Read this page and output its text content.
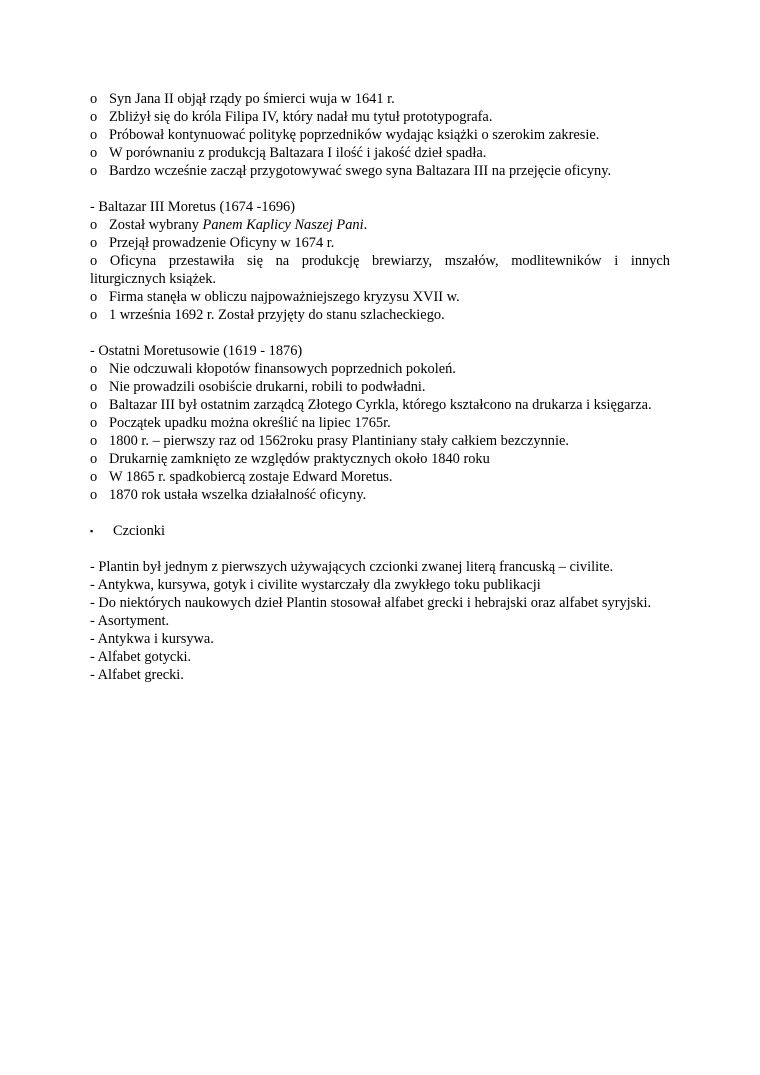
o Syn Jana II objął rządy po śmierci wuja w 1641 r.
o Zbliżył się do króla Filipa IV, który nadał mu tytuł prototypografa.
o Próbował kontynuować politykę poprzedników wydając książki o szerokim zakresie.
o W porównaniu z produkcją Baltazara I ilość i jakość dzieł spadła.
o Bardzo wcześnie zaczął przygotowywać swego syna Baltazara III na przejęcie oficyny.
- Baltazar III Moretus (1674 -1696)
o Został wybrany Panem Kaplicy Naszej Pani.
o Przejął prowadzenie Oficyny w 1674 r.
o Oficyna przestawiła się na produkcję brewiarzy, mszałów, modlitewników i innych
liturgicznych książek.
o Firma stanęła w obliczu najpoważniejszego kryzysu XVII w.
o 1 września 1692 r. Został przyjęty do stanu szlacheckiego.
- Ostatni Moretusowie (1619 - 1876)
o Nie odczuwali kłopotów finansowych poprzednich pokoleń.
o Nie prowadzili osobiście drukarni, robili to podwładni.
o Baltazar III był ostatnim zarządcą Złotego Cyrkla, którego kształcono na drukarza i księgarza.
o Początek upadku można określić na lipiec 1765r.
o 1800 r. – pierwszy raz od 1562roku prasy Plantiniany stały całkiem bezczynnie.
o Drukarnię zamknięto ze względów praktycznych około 1840 roku
o W 1865 r. spadkobiercą zostaje Edward Moretus.
o 1870 rok ustała wszelka działalność oficyny.
▪	Czcionki
- Plantin był jednym z pierwszych używających czcionki zwanej literą francuską – civilite.
- Antykwa, kursywa, gotyk i civilite wystarczały dla zwykłego toku publikacji
- Do niektórych naukowych dzieł Plantin stosował alfabet grecki i hebrajski oraz alfabet syryjski.
- Asortyment.
- Antykwa i kursywa.
- Alfabet gotycki.
- Alfabet grecki.
